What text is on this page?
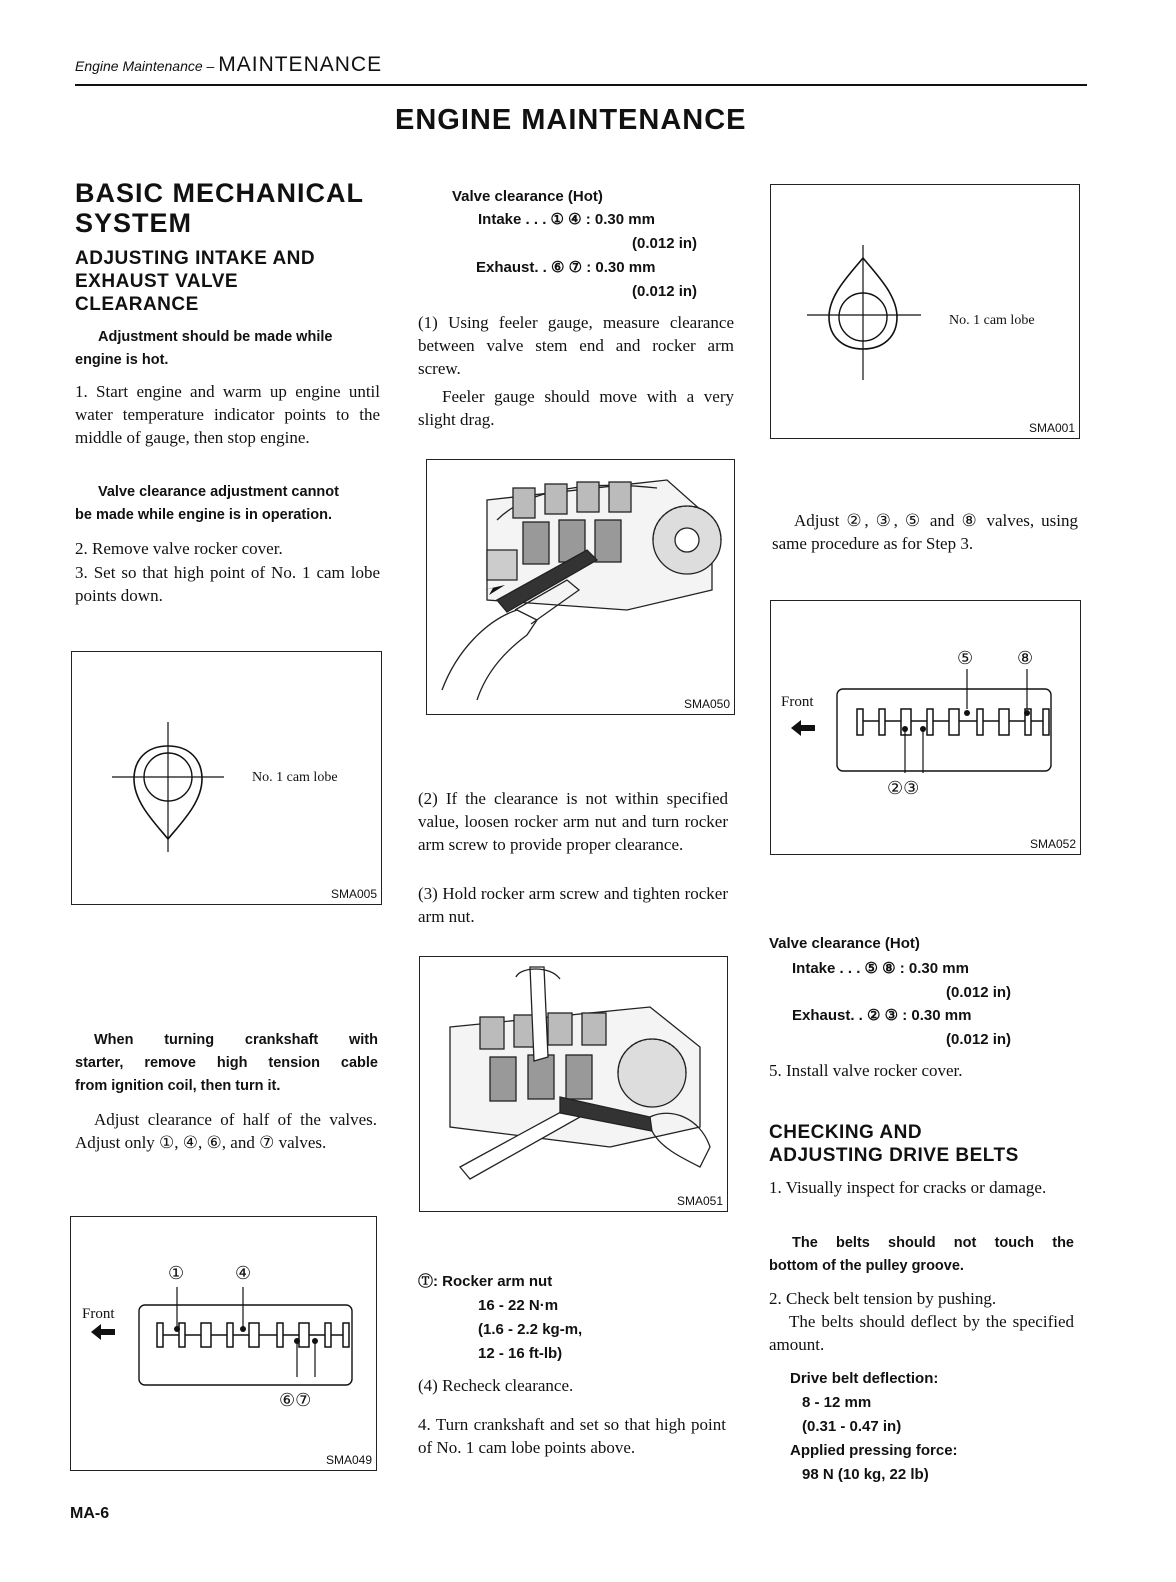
Engine Maintenance – MAINTENANCE
ENGINE MAINTENANCE
BASIC MECHANICAL
SYSTEM
ADJUSTING INTAKE AND
EXHAUST VALVE
CLEARANCE
Adjustment should be made while
engine is hot.
1. Start engine and warm up engine until water temperature indicator points to the middle of gauge, then stop engine.
Valve clearance adjustment cannot
be made while engine is in operation.
2. Remove valve rocker cover.
3. Set so that high point of No. 1 cam lobe points down.
No. 1 cam lobe
SMA005
When turning crankshaft with
starter, remove high tension cable
from ignition coil, then turn it.
Adjust clearance of half of the valves. Adjust only ①, ④, ⑥, and ⑦ valves.
①	④
Front
⑥⑦
SMA049
MA-6
Valve clearance (Hot)
Intake . . . ① ④ : 0.30 mm
(0.012 in)
Exhaust. . ⑥ ⑦ : 0.30 mm
(0.012 in)
(1) Using feeler gauge, measure clearance between valve stem end and rocker arm screw.
Feeler gauge should move with a very slight drag.
SMA050
(2) If the clearance is not within specified value, loosen rocker arm nut and turn rocker arm screw to provide proper clearance.
(3) Hold rocker arm screw and tighten rocker arm nut.
SMA051
Ⓣ: Rocker arm nut
16 - 22 N·m
(1.6 - 2.2 kg-m,
12 - 16 ft-lb)
(4) Recheck clearance.
4. Turn crankshaft and set so that high point of No. 1 cam lobe points above.
No. 1 cam lobe
SMA001
Adjust ②, ③, ⑤ and ⑧ valves, using same procedure as for Step 3.
⑤ ⑧
Front
②③
SMA052
Valve clearance (Hot)
Intake . . . ⑤ ⑧ : 0.30 mm
(0.012 in)
Exhaust. . ② ③ : 0.30 mm
(0.012 in)
5. Install valve rocker cover.
CHECKING AND
ADJUSTING DRIVE BELTS
1. Visually inspect for cracks or damage.
The belts should not touch the
bottom of the pulley groove.
2. Check belt tension by pushing.
The belts should deflect by the specified amount.
Drive belt deflection:
8 - 12 mm
(0.31 - 0.47 in)
Applied pressing force:
98 N (10 kg, 22 lb)
